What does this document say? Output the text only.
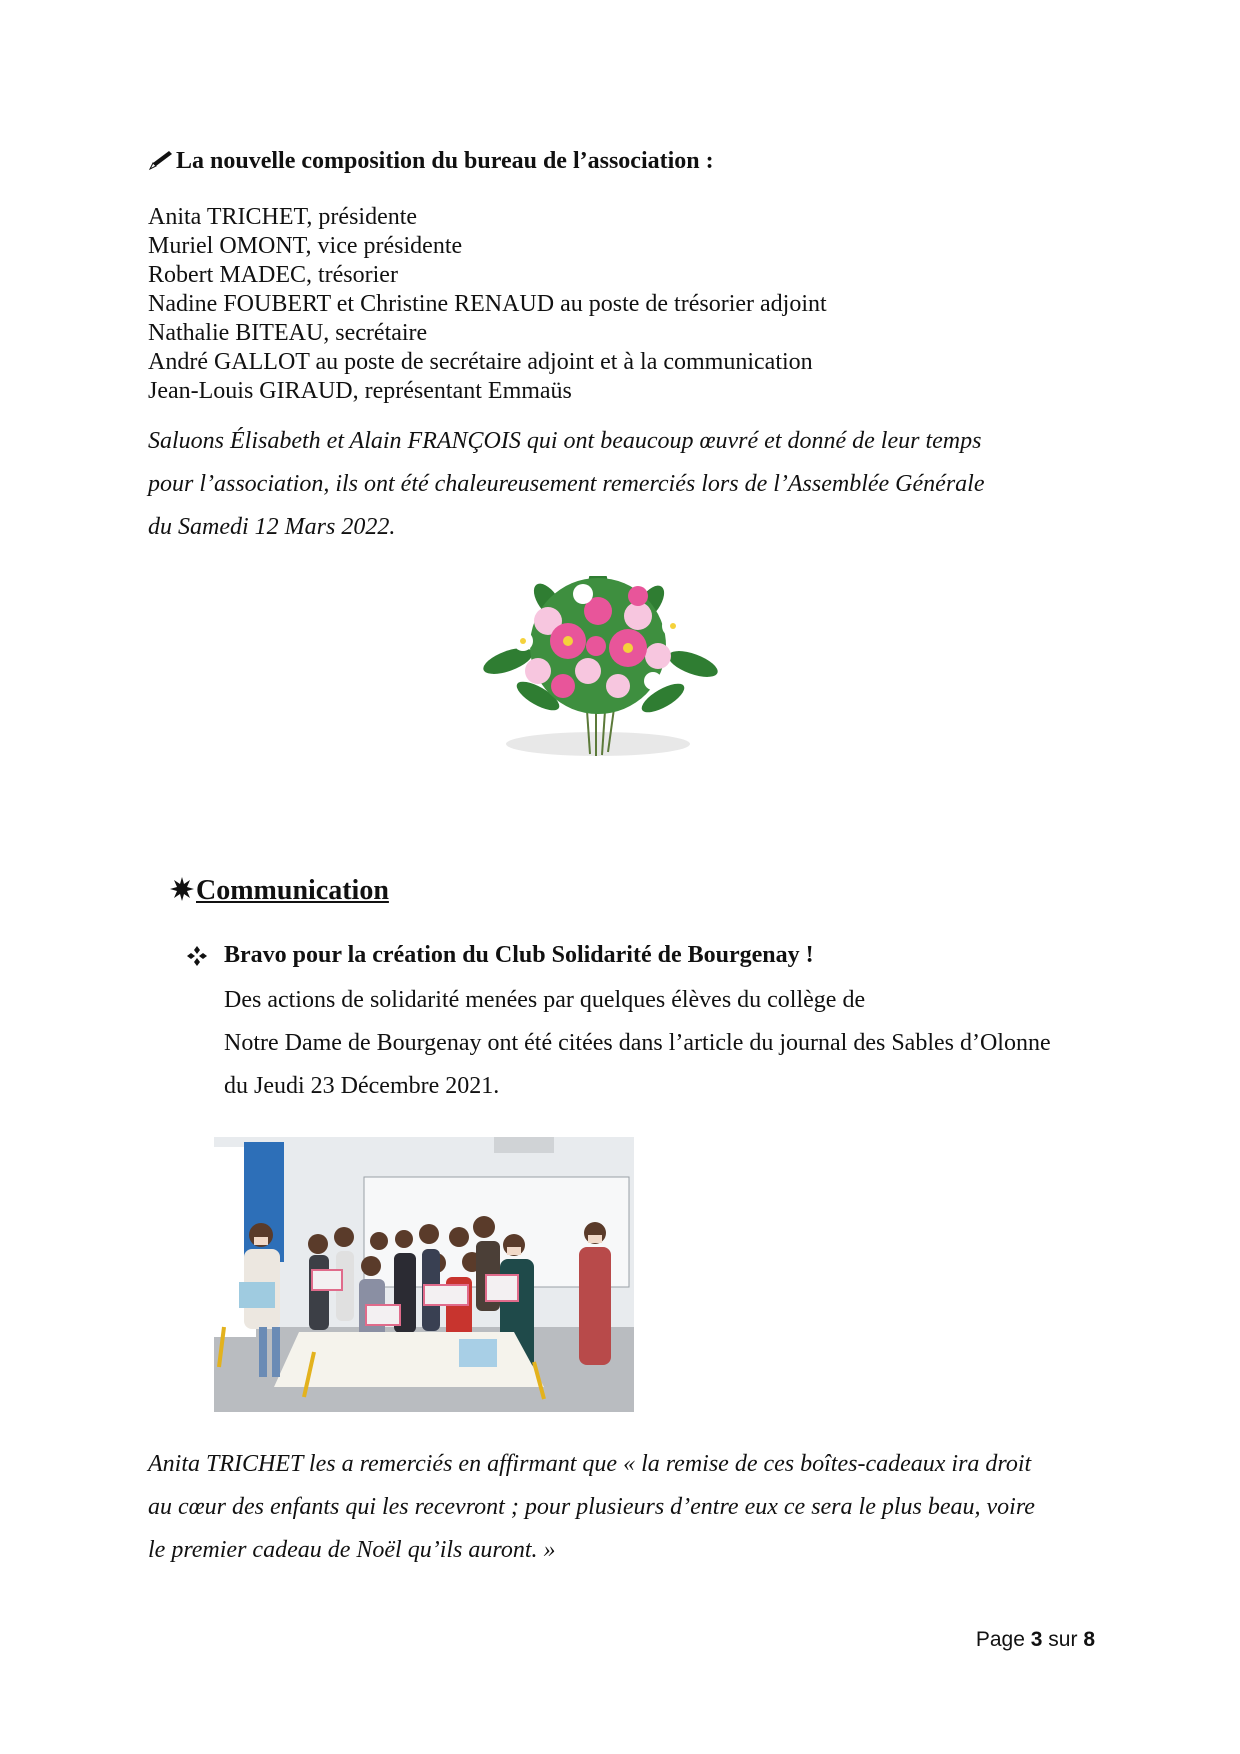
La nouvelle composition du bureau de l’association :
Anita TRICHET, présidente
Muriel OMONT, vice présidente
Robert MADEC, trésorier
Nadine FOUBERT et Christine RENAUD au poste de trésorier adjoint
Nathalie BITEAU, secrétaire
André GALLOT au poste de secrétaire adjoint et à la communication
Jean-Louis GIRAUD, représentant Emmaüs
Saluons Élisabeth et Alain FRANÇOIS qui ont beaucoup œuvré et donné de leur temps
pour l’association, ils ont été chaleureusement remerciés lors de l’Assemblée Générale
du Samedi 12 Mars 2022.
Communication
Bravo pour la création du Club Solidarité de Bourgenay !
Des actions de solidarité menées par quelques élèves du collège de
Notre Dame de Bourgenay ont été citées dans l’article du journal des Sables d’Olonne
du Jeudi 23 Décembre 2021.
Anita TRICHET les a remerciés en affirmant que « la remise de ces boîtes-cadeaux ira droit
au cœur des enfants qui les recevront ; pour plusieurs d’entre eux ce sera le plus beau, voire
le premier cadeau de Noël qu’ils auront. »
Page 3 sur 8
